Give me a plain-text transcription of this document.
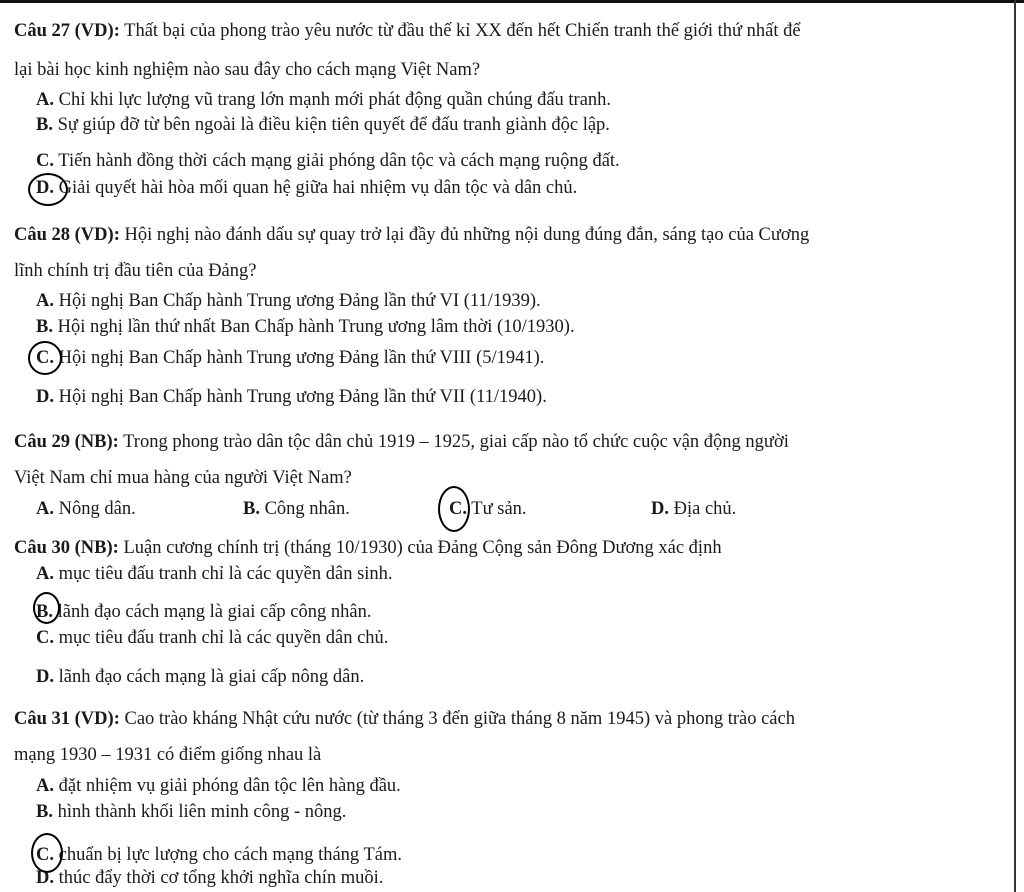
Câu 27 (VD): Thất bại của phong trào yêu nước từ đầu thế kỉ XX đến hết Chiến tranh thế giới thứ nhất để
lại bài học kinh nghiệm nào sau đây cho cách mạng Việt Nam?
A. Chỉ khi lực lượng vũ trang lớn mạnh mới phát động quần chúng đấu tranh.
B. Sự giúp đỡ từ bên ngoài là điều kiện tiên quyết để đấu tranh giành độc lập.
C. Tiến hành đồng thời cách mạng giải phóng dân tộc và cách mạng ruộng đất.
D. Giải quyết hài hòa mối quan hệ giữa hai nhiệm vụ dân tộc và dân chủ.
Câu 28 (VD): Hội nghị nào đánh dấu sự quay trở lại đầy đủ những nội dung đúng đắn, sáng tạo của Cương
lĩnh chính trị đầu tiên của Đảng?
A. Hội nghị Ban Chấp hành Trung ương Đảng lần thứ VI (11/1939).
B. Hội nghị lần thứ nhất Ban Chấp hành Trung ương lâm thời (10/1930).
C. Hội nghị Ban Chấp hành Trung ương Đảng lần thứ VIII (5/1941).
D. Hội nghị Ban Chấp hành Trung ương Đảng lần thứ VII (11/1940).
Câu 29 (NB): Trong phong trào dân tộc dân chủ 1919 – 1925, giai cấp nào tổ chức cuộc vận động người
Việt Nam chỉ mua hàng của người Việt Nam?
A. Nông dân.	B. Công nhân.	C. Tư sản.	D. Địa chủ.
Câu 30 (NB): Luận cương chính trị (tháng 10/1930) của Đảng Cộng sản Đông Dương xác định
A. mục tiêu đấu tranh chỉ là các quyền dân sinh.
B. lãnh đạo cách mạng là giai cấp công nhân.
C. mục tiêu đấu tranh chỉ là các quyền dân chủ.
D. lãnh đạo cách mạng là giai cấp nông dân.
Câu 31 (VD): Cao trào kháng Nhật cứu nước (từ tháng 3 đến giữa tháng 8 năm 1945) và phong trào cách
mạng 1930 – 1931 có điểm giống nhau là
A. đặt nhiệm vụ giải phóng dân tộc lên hàng đầu.
B. hình thành khối liên minh công - nông.
C. chuẩn bị lực lượng cho cách mạng tháng Tám.
D. thúc đẩy thời cơ tổng khởi nghĩa chín muồi.
